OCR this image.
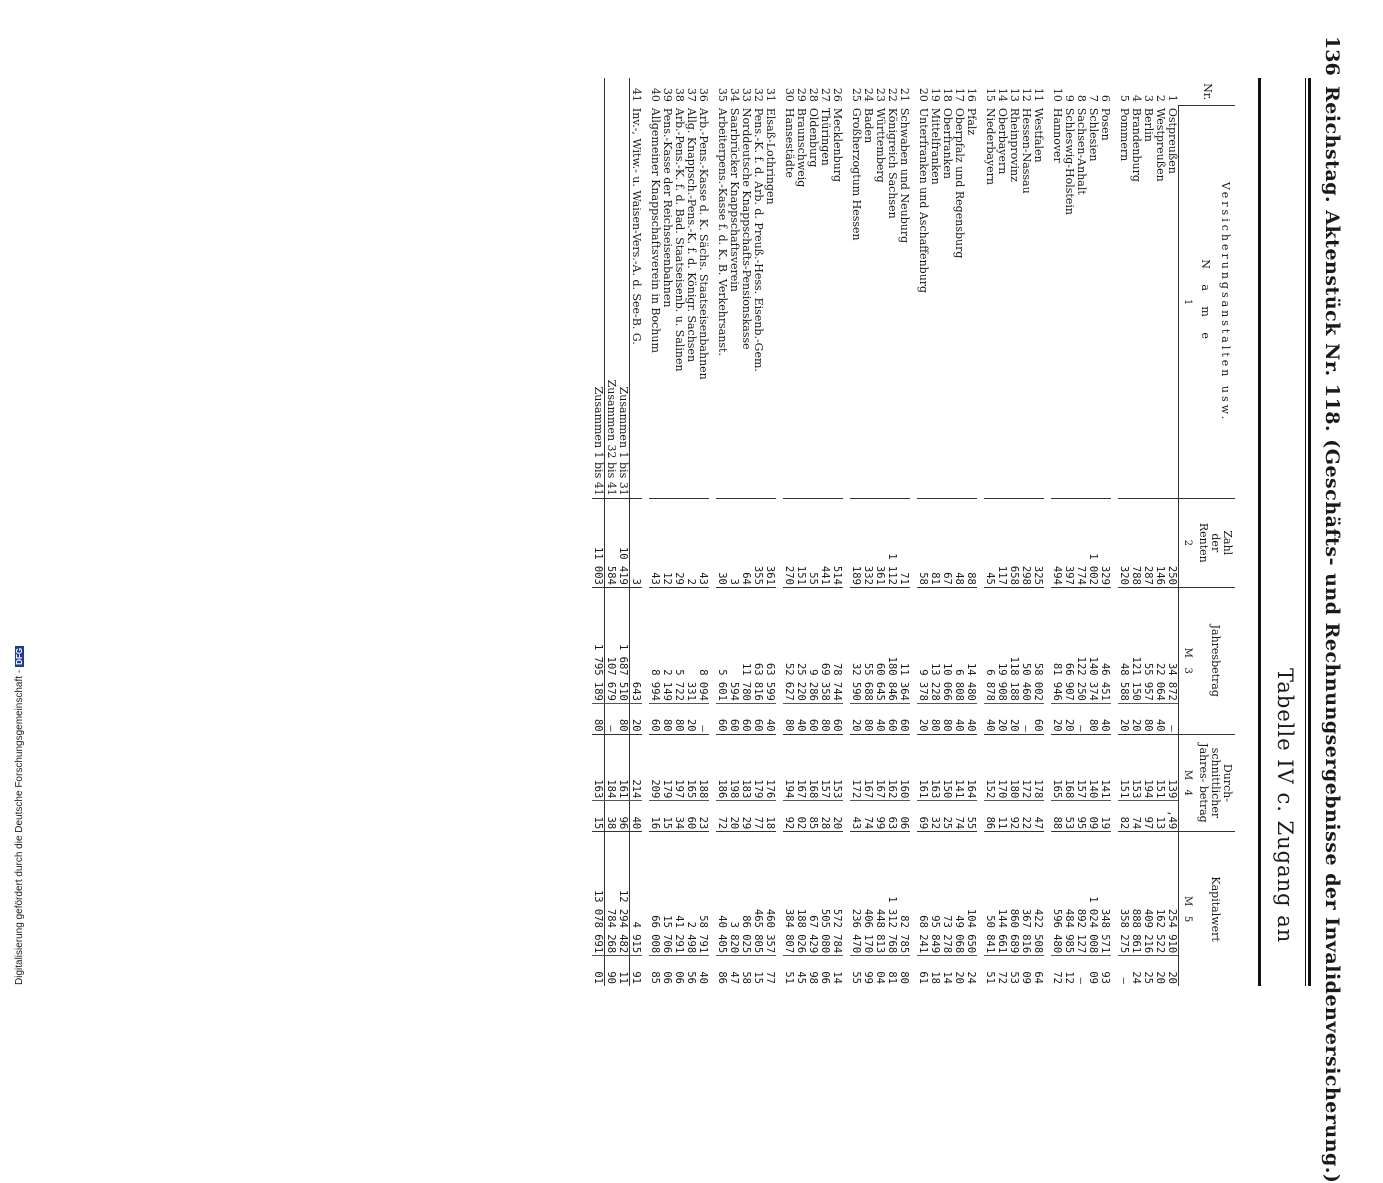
Digitalisierung gefördert durch die Deutsche Forschungsgemeinschaft -DFG
136
Reichstag. Aktenstück Nr. 118. (Geschäfts- und Rechnungsergebnisse der Invalidenversicherung.)
Tabelle IV c. Zugang an
Nr.	Versicherungsanstalten usw.	Zahl
der
Renten	Jahresbetrag		Durch- schnittlicher Jahres- betrag		Kapitalwert	
	N a m e							
	1	2	M   3		M   4		M   5	
1	Ostpreußen	250	34 872	—	139	,49	254 910	20
2	Westpreußen	146	22 064	40	151	13	162 522	20
3	Berlin	287	55 957	80	194	97	409 216	25
4	Brandenburg	788	121 150	20	153	74	888 861	24
5	Pommern	320	48 588	20	151	82	358 275	—

6	Posen	329	46 451	40	141	19	348 571	93
7	Schlesien	1 002	140 374	80	140	09	1 024 008	09
8	Sachsen-Anhalt	774	122 250	—	157	95	892 127	—
9	Schleswig-Holstein	397	66 907	20	168	53	484 985	12
10	Hannover	494	81 946	20	165	88	596 480	72

11	Westfalen	325	58 002	60	178	47	422 508	64
12	Hessen-Nassau	298	50 460	—	172	22	367 816	09
13	Rheinprovinz	658	118 188	20	180	92	860 689	53
14	Oberbayern	117	19 908	20	170	11	144 661	72
15	Niederbayern	45	6 878	40	152	86	50 841	51

16	Pfalz	88	14 480	40	164	55	104 650	24
17	Oberpfalz und Regensburg	48	6 808	40	141	74	49 068	20
18	Oberfranken	67	10 066	80	150	25	73 278	14
19	Mittelfranken	81	13 228	80	163	32	95 849	18
20	Unterfranken und Aschaffenburg	58	9 378	20	161	69	68 241	61

21	Schwaben und Neuburg	71	11 364	60	160	06	82 785	80
22	Königreich Sachsen	1 112	180 846	60	162	63	1 312 768	81
23	Württemberg	361	60 645	40	167	99	448 813	04
24	Baden	332	55 688	80	167	74	406 170	99
25	Großherzogtum Hessen	189	32 590	20	172	43	236 470	55

26	Mecklenburg	514	78 744	60	153	20	572 784	14
27	Thüringen	441	69 358	80	157	28	505 080	06
28	Oldenburg	55	9 286	60	168	85	67 429	98
29	Braunschweig	151	25 220	40	167	02	188 026	45
30	Hansestädte	270	52 627	80	194	92	384 807	51

31	Elsaß-Lothringen	361	63 599	40	176	18	460 357	77
32	Pens.-K. f. d. Arb. d. Preuß.-Hess. Eisenb.-Gem.	355	63 816	60	179	77	465 805	15
33	Norddeutsche Knappschafts-Pensionskasse	64	11 780	60	183	29	86 025	58
34	Saarbrücker Knappschaftsverein	3	594	60	198	20	3 820	47
35	Arbeiterpens.-Kasse f. d. K. B. Verkehrsanst.	30	5 601	60	186	72	40 405	86

36	Arb.-Pens.-Kasse d. K. Sächs. Staatseisenbahnen	43	8 094	—	188	23	58 791	40
37	Allg. Knappsch.-Pens.-K. f. d. Königr. Sachsen	2	331	20	165	60	2 498	56
38	Arb.-Pens.-K. f. d. Bad. Staatseisenb. u. Salinen	29	5 722	80	197	34	41 291	06
39	Pens.-Kasse der Reichseisenbahnen	12	2 149	80	179	15	15 706	06
40	Allgemeiner Knappschaftsverein in Bochum	43	8 994	60	209	16	66 008	85

41	Inv.-, Witw.- u. Waisen-Vers.-A. d. See-B. G.	3	643	20	214	40	4 915	91
	Zusammen 1 bis 31	10 419	1 687 510	80	161	96	12 294 482	11
	Zusammen 32 bis 41	584	107 679	—	184	38	784 268	90
	Zusammen 1 bis 41	11 003	1 795 189	80	163	15	13 078 691	01
